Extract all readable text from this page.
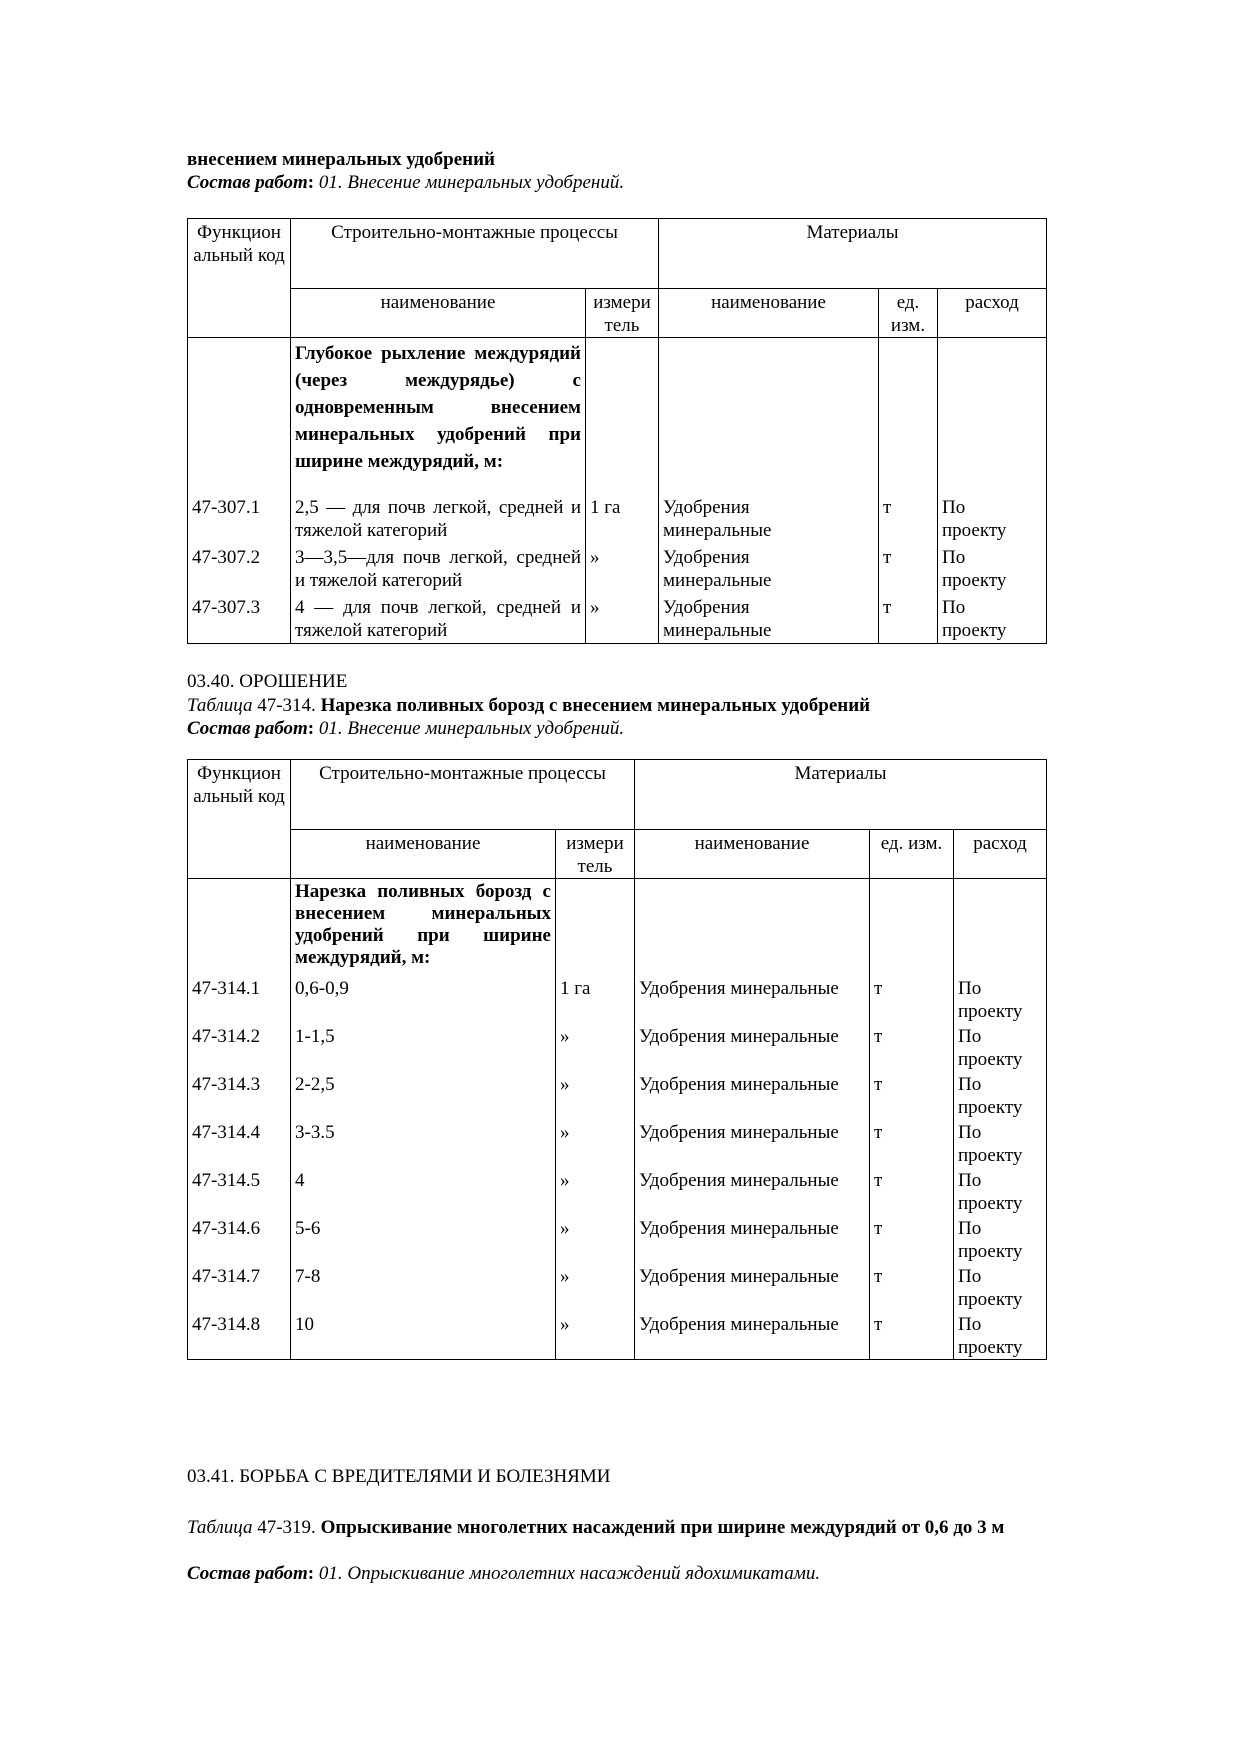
внесением минеральных удобрений
Состав работ: 01. Внесение минеральных удобрений.
Функцион альный код	Строительно-монтажные процессы		Материалы		
	наименование	измери тель	наименование	ед. изм.	расход
	Глубокое рыхление междурядий (через междурядье) с одновременным внесением минеральных удобрений при ширине междурядий, м:				
47-307.1	2,5 — для почв легкой, средней и тяжелой категорий	1 га	Удобрения минеральные	т	По проекту

47-307.2	3—3,5—для почв легкой, средней и тяжелой категорий	»	Удобрения минеральные	т	По проекту

47-307.3	4 — для почв легкой, средней и тяжелой категорий	»	Удобрения минеральные	т	По проекту
03.40. ОРОШЕНИЕ
Таблица 47-314. Нарезка поливных борозд с внесением минеральных удобрений
Состав работ: 01. Внесение минеральных удобрений.
Функцион альный код	Строительно-монтажные процессы		Материалы		
	наименование	измери тель	наименование	ед. изм.	расход
	Нарезка поливных борозд с внесением минеральных удобрений при ширине междурядий, м:				
47-314.1	0,6-0,9	1 га	Удобрения минеральные	т	По проекту

47-314.2	1-1,5	»	Удобрения минеральные	т	По проекту

47-314.3	2-2,5	»	Удобрения минеральные	т	По проекту

47-314.4	3-3.5	»	Удобрения минеральные	т	По проекту

47-314.5	4	»	Удобрения минеральные	т	По проекту

47-314.6	5-6	»	Удобрения минеральные	т	По проекту

47-314.7	7-8	»	Удобрения минеральные	т	По проекту

47-314.8	10	»	Удобрения минеральные	т	По проекту
03.41. БОРЬБА С ВРЕДИТЕЛЯМИ И БОЛЕЗНЯМИ
Таблица 47-319. Опрыскивание многолетних насаждений при ширине междурядий от 0,6 до 3 м
Состав работ: 01. Опрыскивание многолетних насаждений ядохимикатами.
